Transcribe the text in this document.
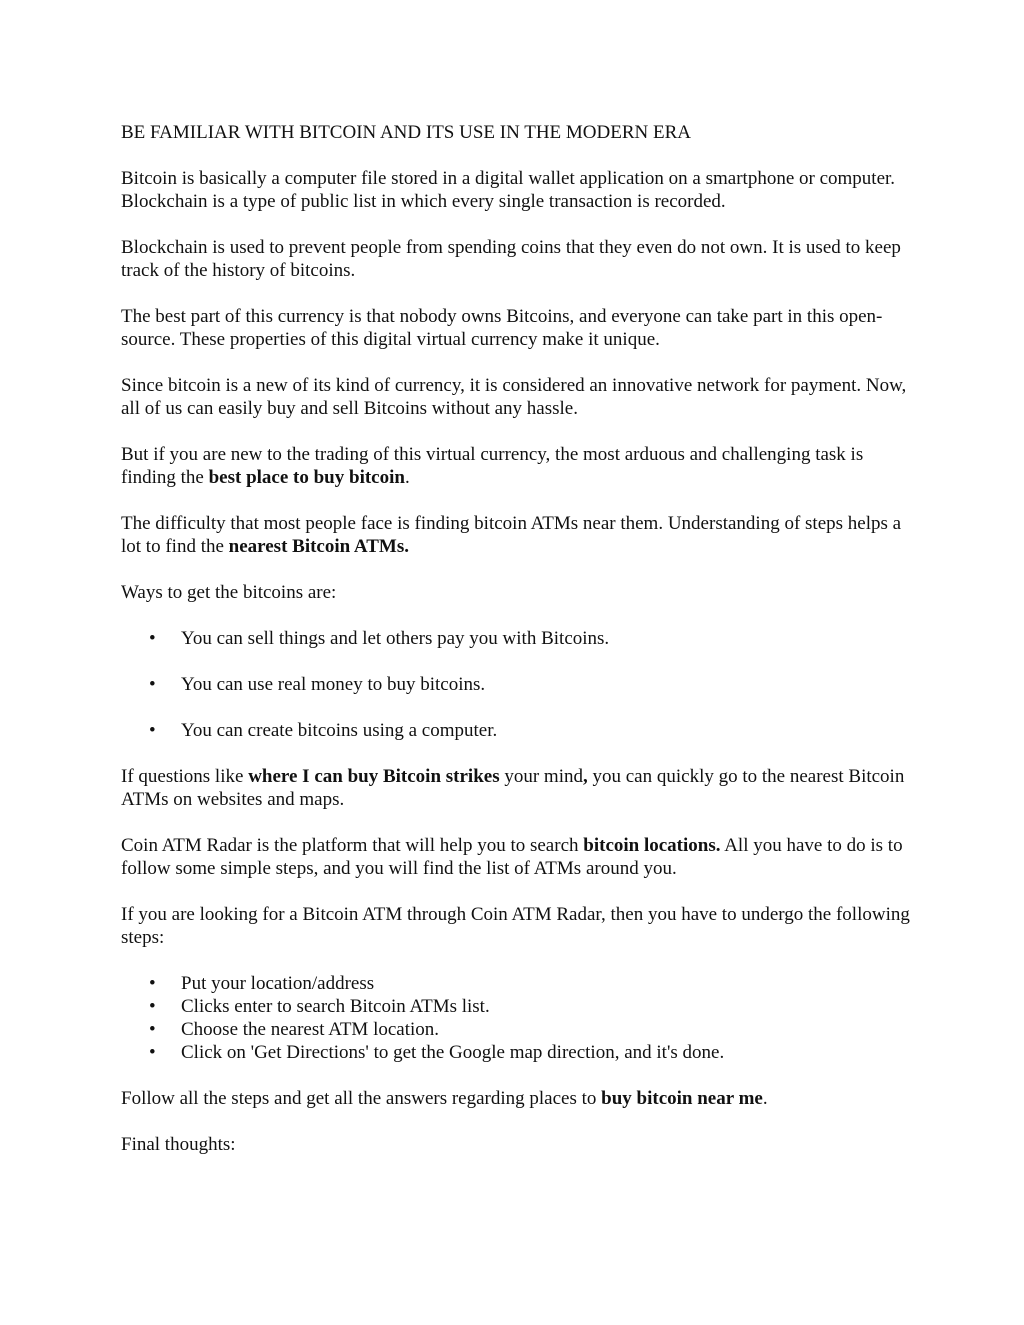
BE FAMILIAR WITH BITCOIN AND ITS USE IN THE MODERN ERA

Bitcoin is basically a computer file stored in a digital wallet application on a smartphone or computer. Blockchain is a type of public list in which every single transaction is recorded.

Blockchain is used to prevent people from spending coins that they even do not own. It is used to keep track of the history of bitcoins.

The best part of this currency is that nobody owns Bitcoins, and everyone can take part in this open-source. These properties of this digital virtual currency make it unique.

Since bitcoin is a new of its kind of currency, it is considered an innovative network for payment. Now, all of us can easily buy and sell Bitcoins without any hassle.

But if you are new to the trading of this virtual currency, the most arduous and challenging task is finding the best place to buy bitcoin.

The difficulty that most people face is finding bitcoin ATMs near them. Understanding of steps helps a lot to find the nearest Bitcoin ATMs.

Ways to get the bitcoins are:

• You can sell things and let others pay you with Bitcoins.
• You can use real money to buy bitcoins.
• You can create bitcoins using a computer.

If questions like where I can buy Bitcoin strikes your mind, you can quickly go to the nearest Bitcoin ATMs on websites and maps.

Coin ATM Radar is the platform that will help you to search bitcoin locations. All you have to do is to follow some simple steps, and you will find the list of ATMs around you.

If you are looking for a Bitcoin ATM through Coin ATM Radar, then you have to undergo the following steps:

• Put your location/address
• Clicks enter to search Bitcoin ATMs list.
• Choose the nearest ATM location.
• Click on 'Get Directions' to get the Google map direction, and it's done.

Follow all the steps and get all the answers regarding places to buy bitcoin near me.

Final thoughts:
